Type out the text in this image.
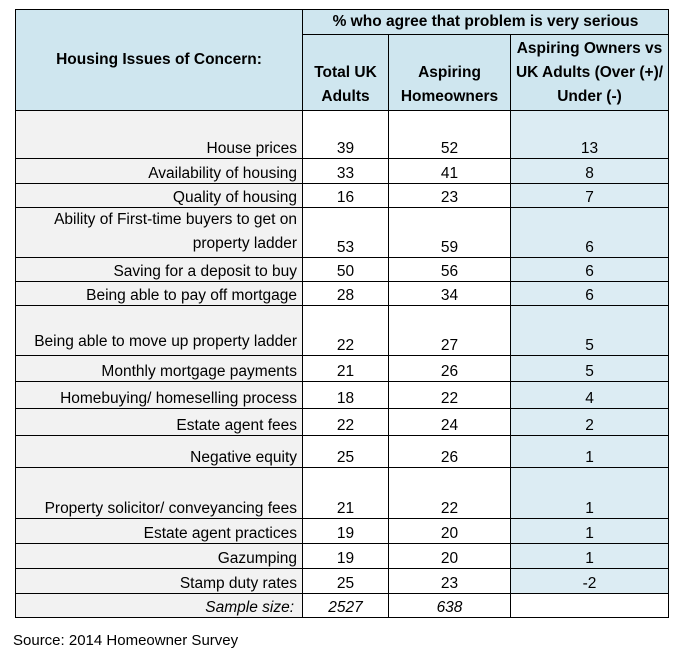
Housing Issues of Concern:	% who agree that problem is very serious		
	Total UK Adults	Aspiring Homeowners	Aspiring Owners vs UK Adults (Over (+)/ Under (-)
House prices	39	52	13
Availability of housing	33	41	8
Quality of housing	16	23	7
Ability of First-time buyers to get on property ladder	53	59	6
Saving for a deposit to buy	50	56	6
Being able to pay off mortgage	28	34	6
Being able to move up property ladder	22	27	5
Monthly mortgage payments	21	26	5
Homebuying/ homeselling process	18	22	4
Estate agent fees	22	24	2
Negative equity	25	26	1
Property solicitor/ conveyancing fees	21	22	1
Estate agent practices	19	20	1
Gazumping	19	20	1
Stamp duty rates	25	23	-2
Sample size:	2527	638	
Source: 2014 Homeowner Survey
